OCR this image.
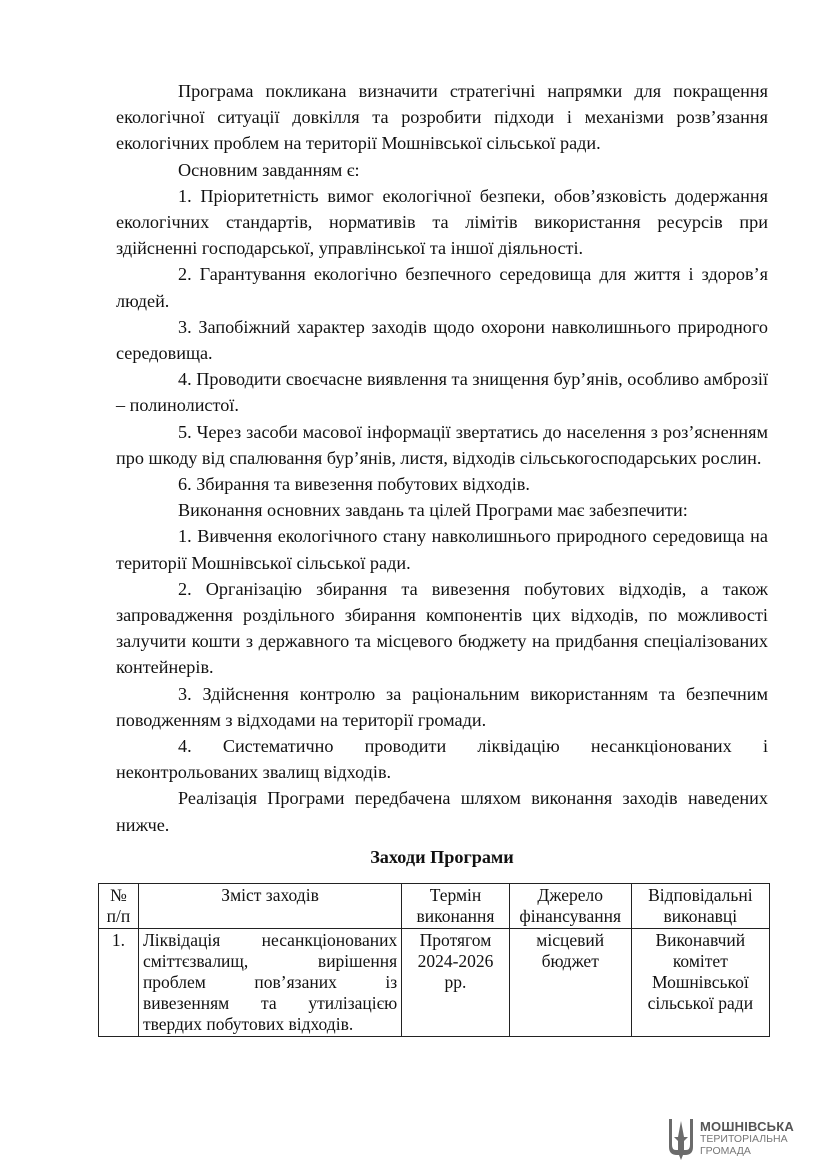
Програма покликана визначити стратегічні напрямки для покращення екологічної ситуації довкілля та розробити підходи і механізми розв’язання екологічних проблем на території Мошнівської сільської ради.

Основним завданням є:

1. Пріоритетність вимог екологічної безпеки, обов’язковість додержання екологічних стандартів, нормативів та лімітів використання ресурсів при здійсненні господарської, управлінської та іншої діяльності.

2. Гарантування екологічно безпечного середовища для життя і здоров’я людей.

3. Запобіжний характер заходів щодо охорони навколишнього природного середовища.

4. Проводити своєчасне виявлення та знищення бур’янів, особливо амброзії – полинолистої.

5. Через засоби масової інформації звертатись до населення з роз’ясненням про шкоду від спалювання бур’янів, листя, відходів сільськогосподарських рослин.

6. Збирання та вивезення побутових відходів.

Виконання основних завдань та цілей Програми має забезпечити:

1. Вивчення екологічного стану навколишнього природного середовища на території Мошнівської сільської ради.

2. Організацію збирання та вивезення побутових відходів, а також запровадження роздільного збирання компонентів цих відходів, по можливості залучити кошти з державного та місцевого бюджету на придбання спеціалізованих контейнерів.

3. Здійснення контролю за раціональним використанням та безпечним поводженням з відходами на території громади.

4. Систематично проводити ліквідацію несанкціонованих і неконтрольованих звалищ відходів.

Реалізація Програми передбачена шляхом виконання заходів наведених нижче.

Заходи Програми
№ п/п	Зміст заходів	Термін виконання	Джерело фінансування	Відповідальні виконавці
1.	Ліквідація несанкціонованих сміттєзвалищ, вирішення проблем пов’язаних із вивезенням та утилізацією твердих побутових відходів.	Протягом 2024-2026 рр.	місцевий бюджет	Виконавчий комітет Мошнівської сільської ради
МОШНІВСЬКА
ТЕРИТОРІАЛЬНА
ГРОМАДА
